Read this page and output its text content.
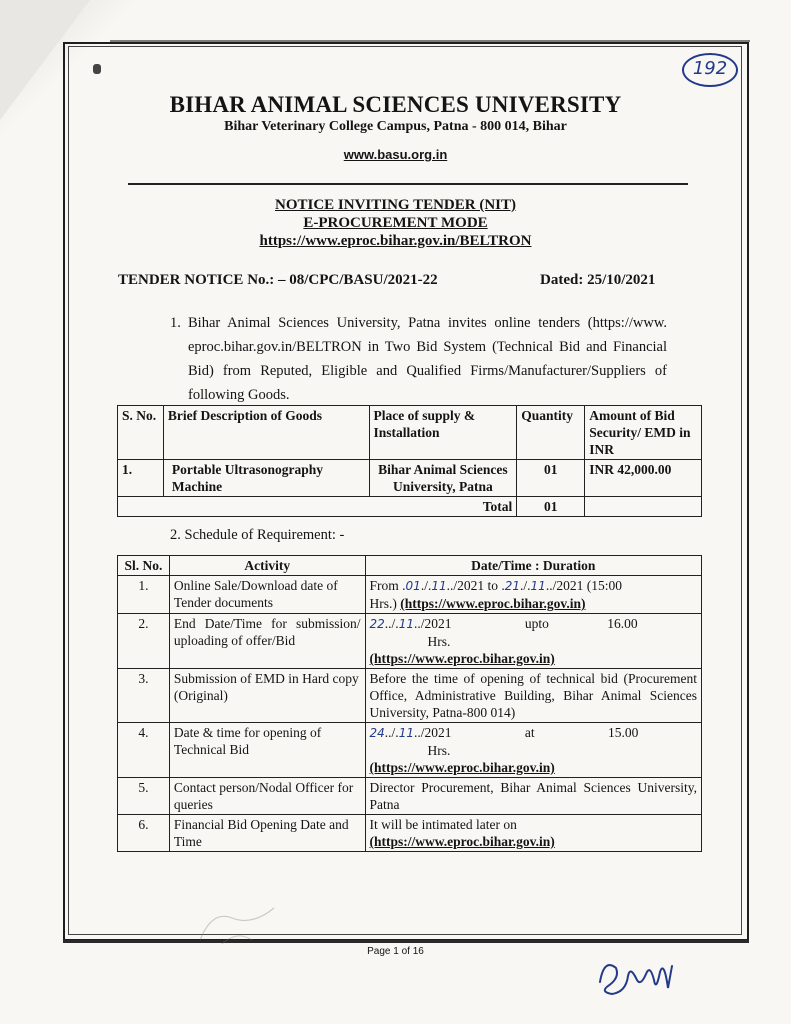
192
BIHAR ANIMAL SCIENCES UNIVERSITY
Bihar Veterinary College Campus, Patna - 800 014, Bihar
www.basu.org.in
NOTICE INVITING TENDER (NIT)
E-PROCUREMENT MODE
https://www.eproc.bihar.gov.in/BELTRON
TENDER NOTICE No.: – 08/CPC/BASU/2021-22	Dated: 25/10/2021
1. Bihar Animal Sciences University, Patna invites online tenders (https://www. eproc.bihar.gov.in/BELTRON in Two Bid System (Technical Bid and Financial Bid) from Reputed, Eligible and Qualified Firms/Manufacturer/Suppliers of following Goods.
S. No.	Brief Description of Goods	Place of supply & Installation	Quantity	Amount of Bid Security/ EMD in INR
1.	Portable Ultrasonography Machine	Bihar Animal Sciences University, Patna	01	INR 42,000.00
Total			01	
2. Schedule of Requirement: -
Sl. No.	Activity	Date/Time : Duration
1.	Online Sale/Download date of Tender documents	From .01./.11../2021 to .21./.11../2021 (15:00
Hrs.) (https://www.eproc.bihar.gov.in)
2.	End Date/Time for submission/ uploading of offer/Bid	22../.11../2021 upto 16.00 Hrs.
(https://www.eproc.bihar.gov.in)
3.	Submission of EMD in Hard copy (Original)	Before the time of opening of technical bid (Procurement Office, Administrative Building, Bihar Animal Sciences University, Patna-800 014)
4.	Date & time for opening of Technical Bid	24../.11../2021 at 15.00 Hrs.
(https://www.eproc.bihar.gov.in)
5.	Contact person/Nodal Officer for queries	Director Procurement, Bihar Animal Sciences University, Patna
6.	Financial Bid Opening Date and Time	It will be intimated later on
(https://www.eproc.bihar.gov.in)
Page 1 of 16
